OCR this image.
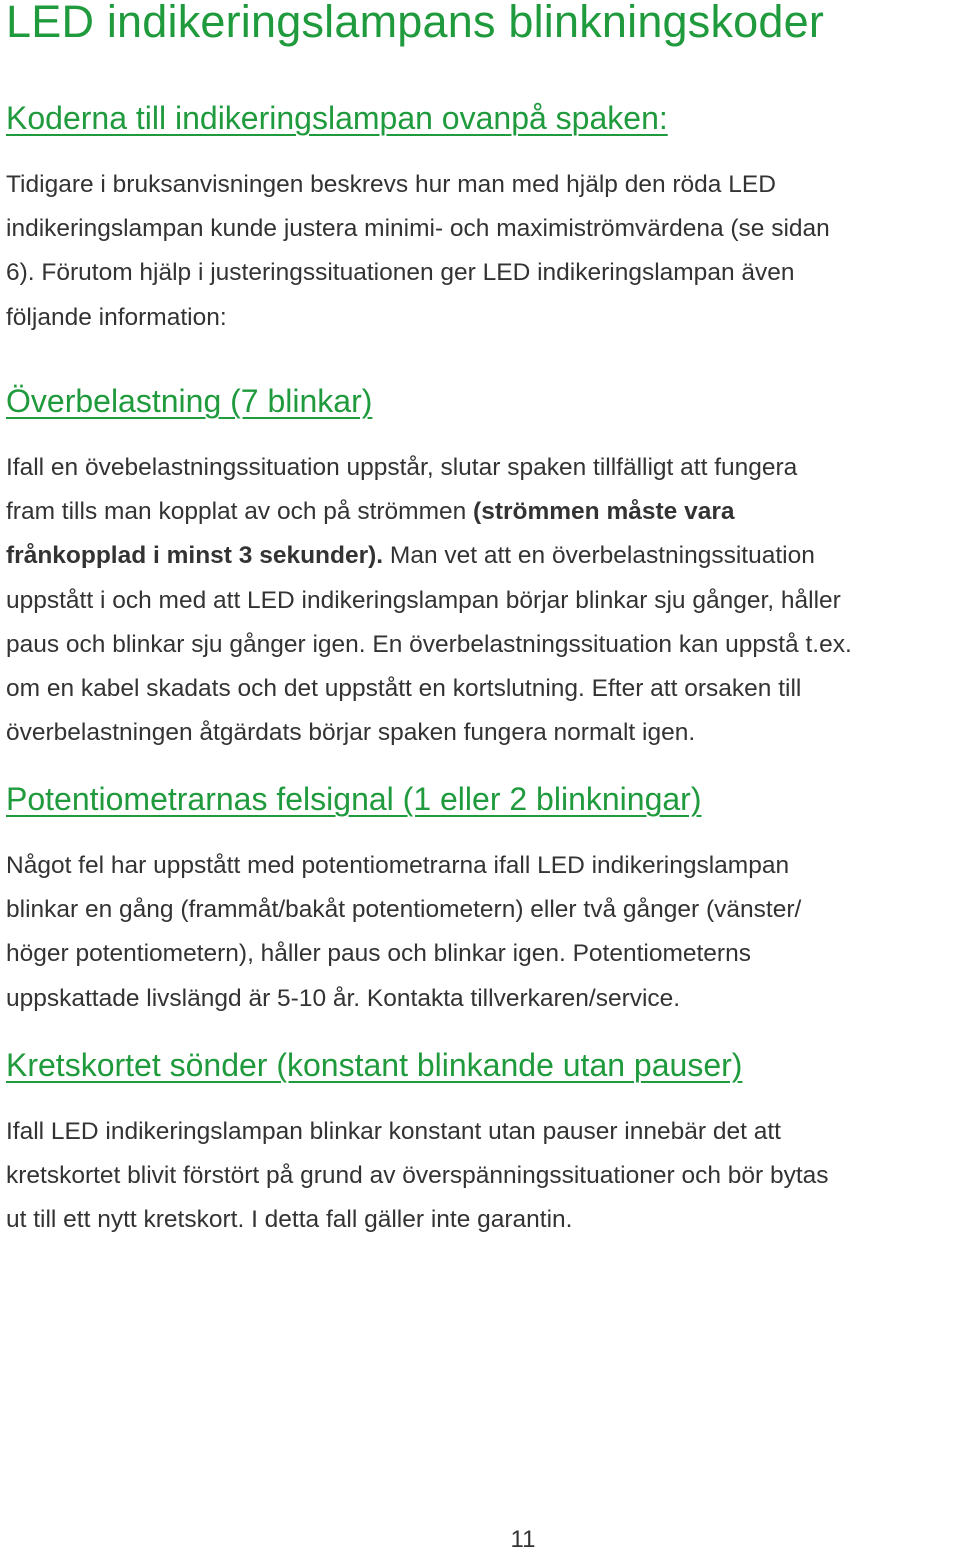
LED indikeringslampans blinkningskoder
Koderna till indikeringslampan ovanpå spaken:

Tidigare i bruksanvisningen beskrevs hur man med hjälp den röda LED
indikeringslampan kunde justera minimi- och maximiströmvärdena (se sidan
6). Förutom hjälp i justeringssituationen ger LED indikeringslampan även
följande information:

Överbelastning (7 blinkar)

Ifall en övebelastningssituation uppstår, slutar spaken tillfälligt att fungera
fram tills man kopplat av och på strömmen (strömmen måste vara
frånkopplad i minst 3 sekunder). Man vet att en överbelastningssituation
uppstått i och med att LED indikeringslampan börjar blinkar sju gånger, håller
paus och blinkar sju gånger igen. En överbelastningssituation kan uppstå t.ex.
om en kabel skadats och det uppstått en kortslutning. Efter att orsaken till
överbelastningen åtgärdats börjar spaken fungera normalt igen.

Potentiometrarnas felsignal (1 eller 2 blinkningar)

Något fel har uppstått med potentiometrarna ifall LED indikeringslampan
blinkar en gång (frammåt/bakåt potentiometern) eller två gånger (vänster/
höger potentiometern), håller paus och blinkar igen. Potentiometerns
uppskattade livslängd är 5-10 år. Kontakta tillverkaren/service.

Kretskortet sönder (konstant blinkande utan pauser)

Ifall LED indikeringslampan blinkar konstant utan pauser innebär det att
kretskortet blivit förstört på grund av överspänningssituationer och bör bytas
ut till ett nytt kretskort. I detta fall gäller inte garantin.

11
